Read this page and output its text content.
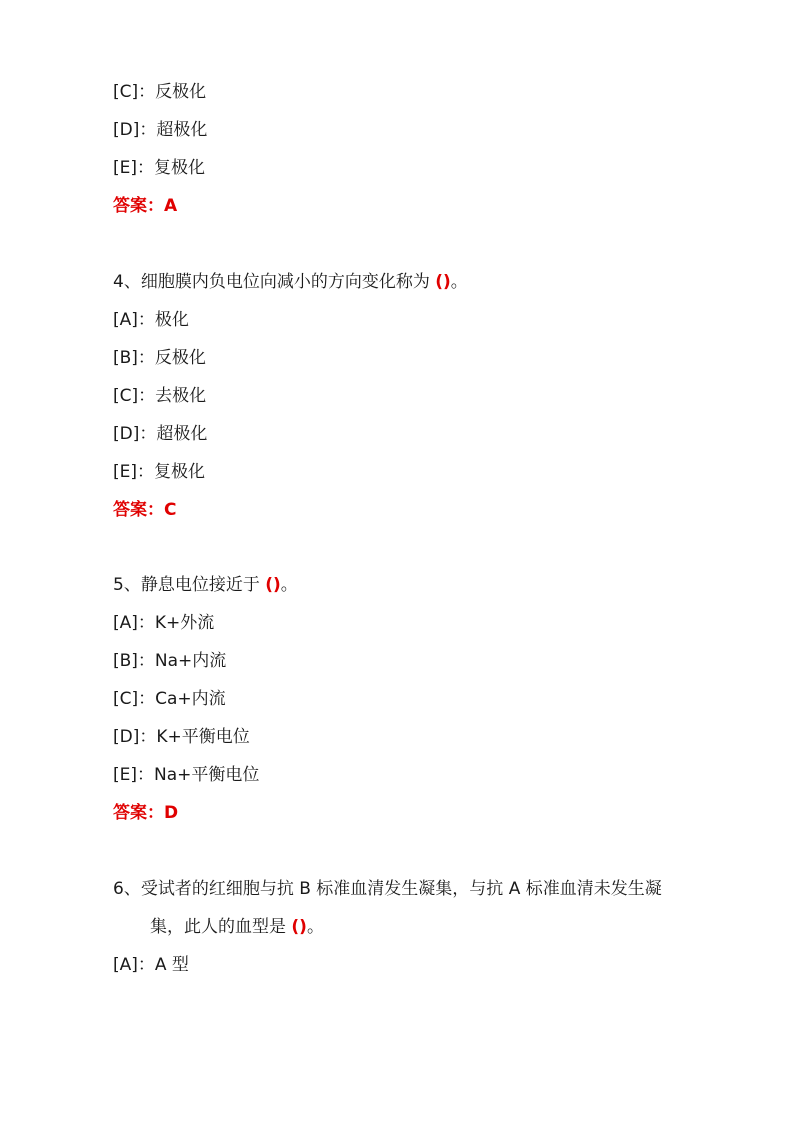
[C]：反极化
[D]：超极化
[E]：复极化
答案：A
4、细胞膜内负电位向减小的方向变化称为 ()。
[A]：极化
[B]：反极化
[C]：去极化
[D]：超极化
[E]：复极化
答案：C
5、静息电位接近于 ()。
[A]：K+外流
[B]：Na+内流
[C]：Ca+内流
[D]：K+平衡电位
[E]：Na+平衡电位
答案：D
6、受试者的红细胞与抗 B 标准血清发生凝集，与抗 A 标准血清未发生凝
集，此人的血型是 ()。
[A]：A 型
